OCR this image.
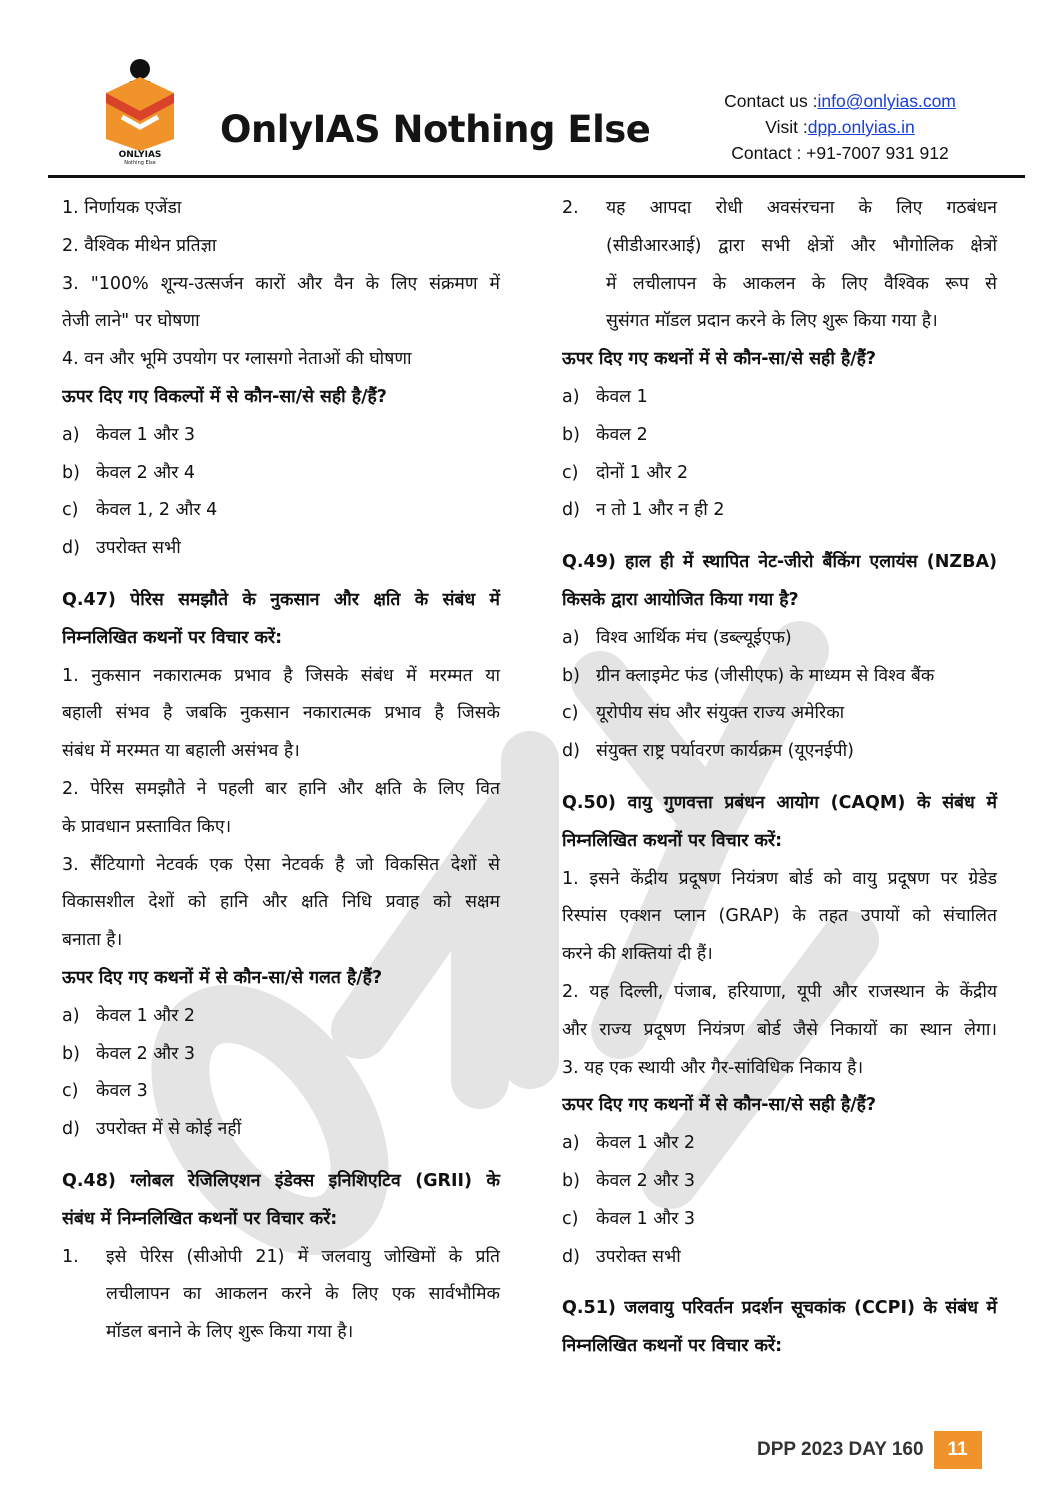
ONLYIAS
Nothing Else
OnlyIAS Nothing Else
Contact us :info@onlyias.com
Visit :dpp.onlyias.in
Contact : +91-7007 931 912
1. निर्णायक एजेंडा
2. वैश्विक मीथेन प्रतिज्ञा
3. "100% शून्य-उत्सर्जन कारों और वैन के लिए संक्रमण में
तेजी लाने" पर घोषणा
4. वन और भूमि उपयोग पर ग्लासगो नेताओं की घोषणा
ऊपर दिए गए विकल्पों में से कौन-सा/से सही है/हैं?
a) केवल 1 और 3
b) केवल 2 और 4
c)	केवल 1, 2 और 4
d) उपरोक्त सभी
Q.47) पेरिस समझौते के नुकसान और क्षति के संबंध में
निम्नलिखित कथनों पर विचार करें:
1. नुकसान नकारात्मक प्रभाव है जिसके संबंध में मरम्मत या
बहाली संभव है जबकि नुकसान नकारात्मक प्रभाव है जिसके
संबंध में मरम्मत या बहाली असंभव है।
2. पेरिस समझौते ने पहली बार हानि और क्षति के लिए वित
के प्रावधान प्रस्तावित किए।
3. सैंटियागो नेटवर्क एक ऐसा नेटवर्क है जो विकसित देशों से
विकासशील देशों को हानि और क्षति निधि प्रवाह को सक्षम
बनाता है।
ऊपर दिए गए कथनों में से कौन-सा/से गलत है/हैं?
a) केवल 1 और 2
b) केवल 2 और 3
c)	केवल 3
d) उपरोक्त में से कोई नहीं
Q.48) ग्लोबल रेजिलिएशन इंडेक्स इनिशिएटिव (GRII) के
संबंध में निम्नलिखित कथनों पर विचार करें:
1. इसे पेरिस (सीओपी 21) में जलवायु जोखिमों के प्रति
लचीलापन का आकलन करने के लिए एक सार्वभौमिक
मॉडल बनाने के लिए शुरू किया गया है।
2. यह आपदा रोधी अवसंरचना के लिए गठबंधन
(सीडीआरआई) द्वारा सभी क्षेत्रों और भौगोलिक क्षेत्रों
में लचीलापन के आकलन के लिए वैश्विक रूप से
सुसंगत मॉडल प्रदान करने के लिए शुरू किया गया है।
ऊपर दिए गए कथनों में से कौन-सा/से सही है/हैं?
a) केवल 1
b) केवल 2
c)	दोनों 1 और 2
d) न तो 1 और न ही 2
Q.49) हाल ही में स्थापित नेट-जीरो बैंकिंग एलायंस (NZBA)
किसके द्वारा आयोजित किया गया है?
a) विश्व आर्थिक मंच (डब्ल्यूईएफ)
b) ग्रीन क्लाइमेट फंड (जीसीएफ) के माध्यम से विश्व बैंक
c)	यूरोपीय संघ और संयुक्त राज्य अमेरिका
d) संयुक्त राष्ट्र पर्यावरण कार्यक्रम (यूएनईपी)
Q.50) वायु गुणवत्ता प्रबंधन आयोग (CAQM) के संबंध में
निम्नलिखित कथनों पर विचार करें:
1. इसने केंद्रीय प्रदूषण नियंत्रण बोर्ड को वायु प्रदूषण पर ग्रेडेड
रिस्पांस एक्शन प्लान (GRAP) के तहत उपायों को संचालित
करने की शक्तियां दी हैं।
2. यह दिल्ली, पंजाब, हरियाणा, यूपी और राजस्थान के केंद्रीय
और राज्य प्रदूषण नियंत्रण बोर्ड जैसे निकायों का स्थान लेगा।
3. यह एक स्थायी और गैर-सांविधिक निकाय है।
ऊपर दिए गए कथनों में से कौन-सा/से सही है/हैं?
a) केवल 1 और 2
b) केवल 2 और 3
c)	केवल 1 और 3
d) उपरोक्त सभी
Q.51) जलवायु परिवर्तन प्रदर्शन सूचकांक (CCPI) के संबंध में
निम्नलिखित कथनों पर विचार करें:
DPP 2023 DAY 160	11
